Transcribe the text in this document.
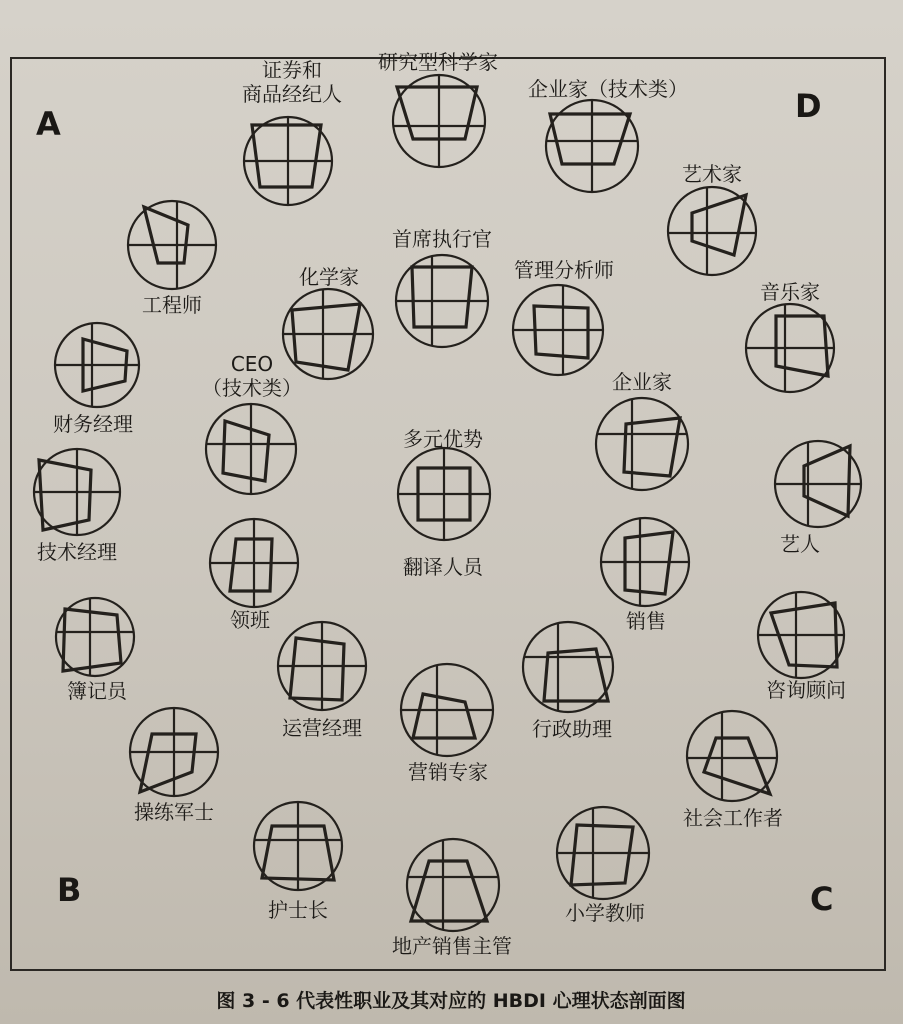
A	D
B	C
图 3 - 6 代表性职业及其对应的 HBDI 心理状态剖面图
证券和
商品经纪人
研究型科学家
企业家（技术类）
艺术家
音乐家
艺人
咨询顾问
社会工作者
小学教师
地产销售主管
护士长
操练军士
簿记员
技术经理
财务经理
工程师
化学家
CEO
（技术类）
领班
运营经理
营销专家
行政助理
销售
企业家
管理分析师
首席执行官
多元优势
翻译人员
